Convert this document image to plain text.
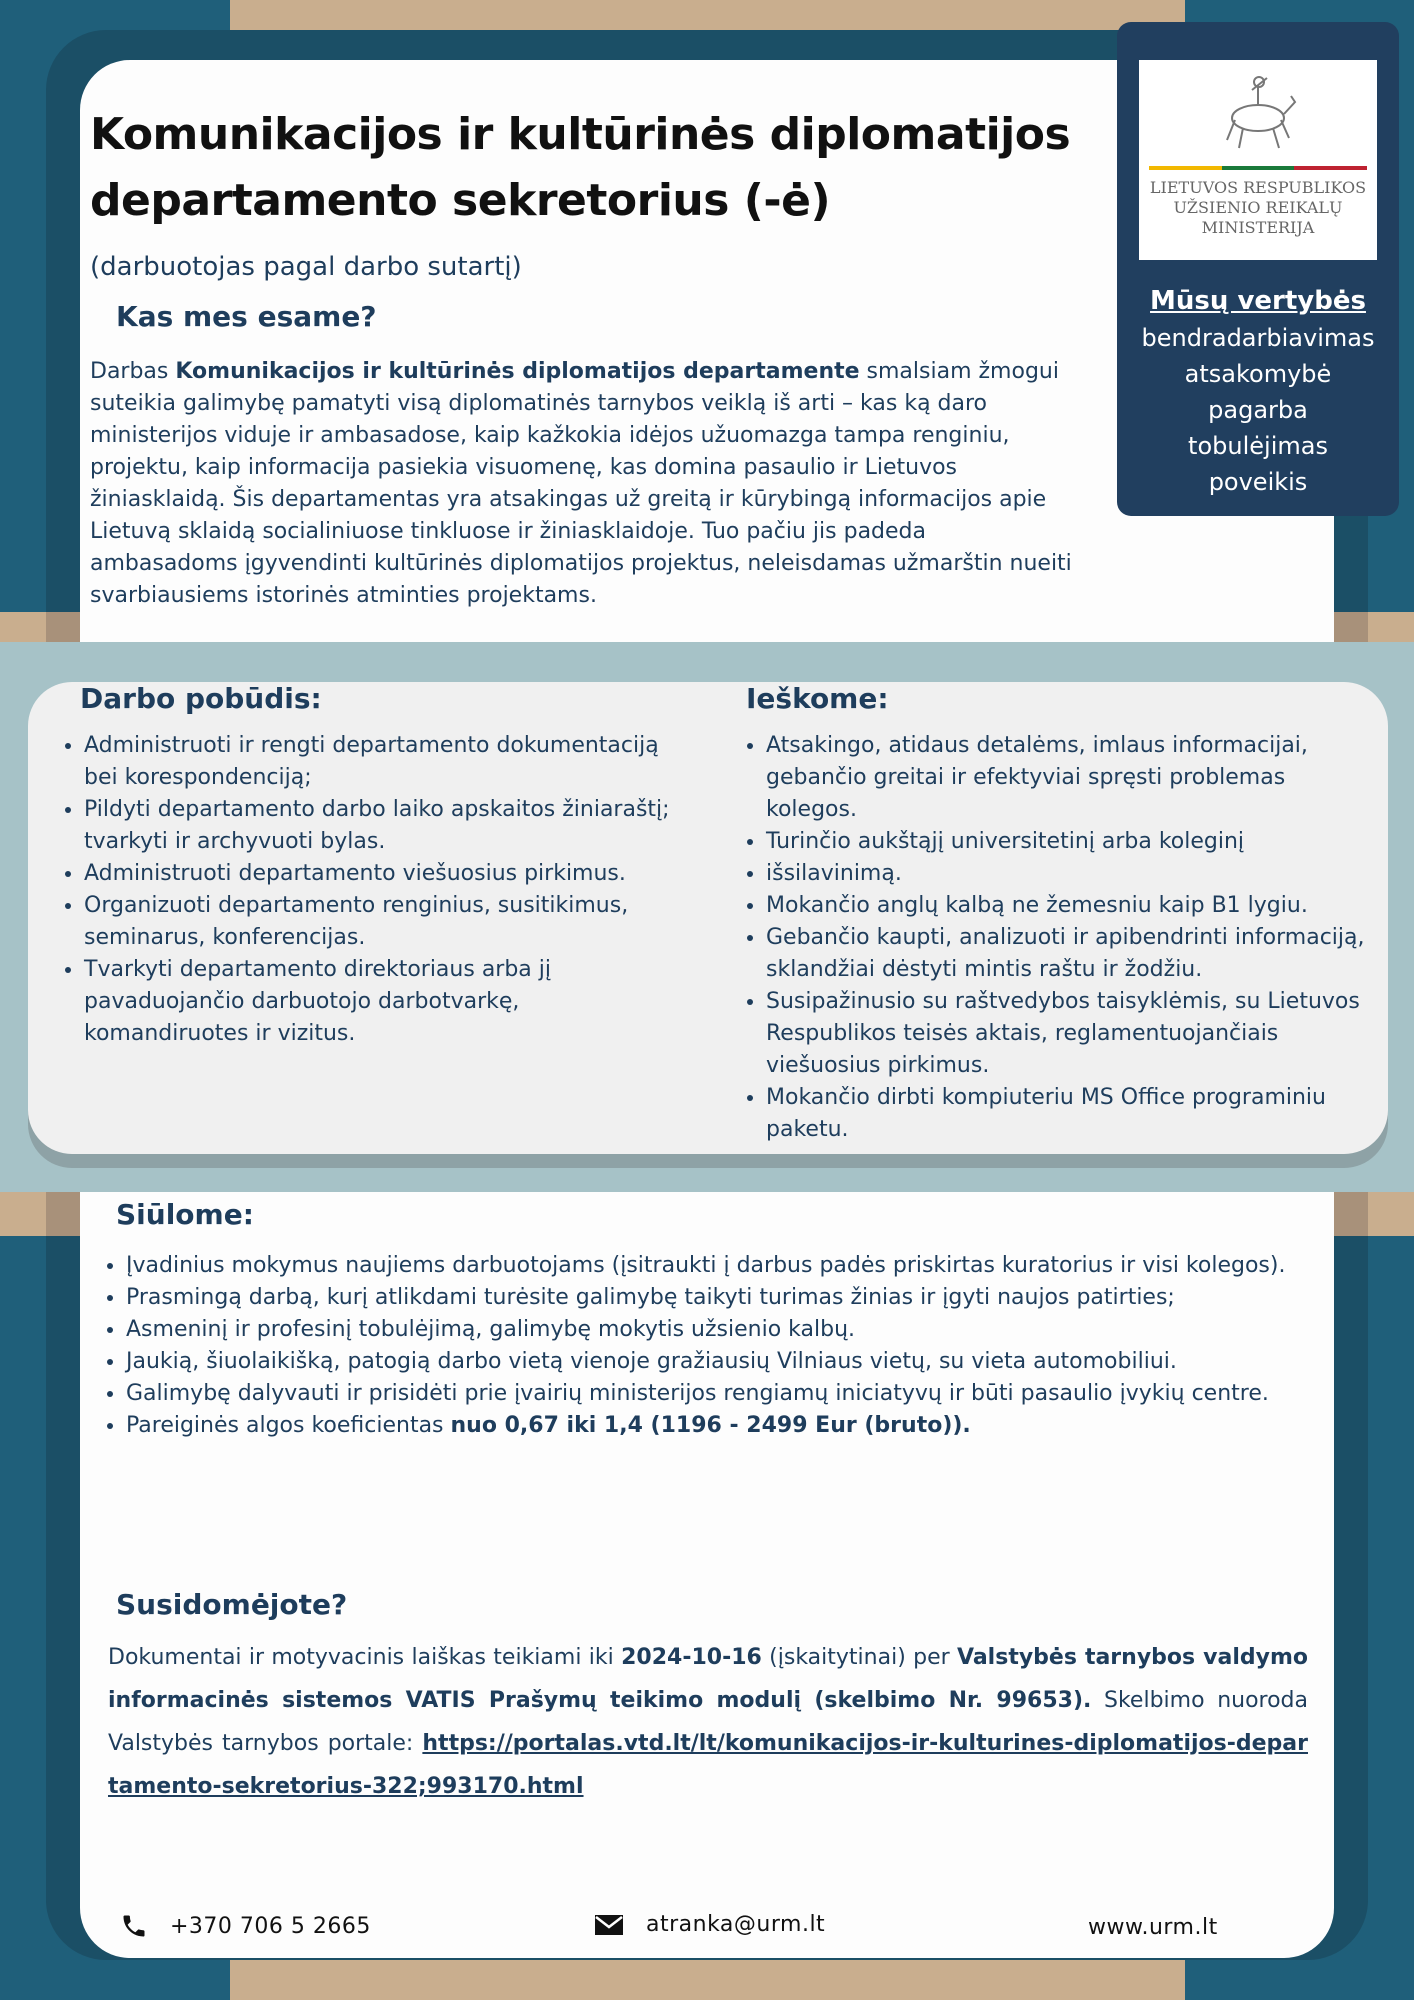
Komunikacijos ir kultūrinės diplomatijos
departamento sekretorius (-ė)
(darbuotojas pagal darbo sutartį)
Kas mes esame?
Darbas Komunikacijos ir kultūrinės diplomatijos departamente smalsiam žmogui suteikia galimybę pamatyti visą diplomatinės tarnybos veiklą iš arti – kas ką daro ministerijos viduje ir ambasadose, kaip kažkokia idėjos užuomazga tampa renginiu, projektu, kaip informacija pasiekia visuomenę, kas domina pasaulio ir Lietuvos žiniasklaidą. Šis departamentas yra atsakingas už greitą ir kūrybingą informacijos apie Lietuvą sklaidą socialiniuose tinkluose ir žiniasklaidoje. Tuo pačiu jis padeda ambasadoms įgyvendinti kultūrinės diplomatijos projektus, neleisdamas užmarštin nueiti svarbiausiems istorinės atminties projektams.
LIETUVOS RESPUBLIKOS
UŽSIENIO REIKALŲ
MINISTERIJA
Mūsų vertybės
bendradarbiavimas
atsakomybė
pagarba
tobulėjimas
poveikis
Darbo pobūdis:
• Administruoti ir rengti departamento dokumentaciją bei korespondenciją;
• Pildyti departamento darbo laiko apskaitos žiniaraštį; tvarkyti ir archyvuoti bylas.
• Administruoti departamento viešuosius pirkimus.
• Organizuoti departamento renginius, susitikimus, seminarus, konferencijas.
• Tvarkyti departamento direktoriaus arba jį pavaduojančio darbuotojo darbotvarkę, komandiruotes ir vizitus.
Ieškome:
• Atsakingo, atidaus detalėms, imlaus informacijai, gebančio greitai ir efektyviai spręsti problemas kolegos.
• Turinčio aukštąjį universitetinį arba koleginį
• išsilavinimą.
• Mokančio anglų kalbą ne žemesniu kaip B1 lygiu.
• Gebančio kaupti, analizuoti ir apibendrinti informaciją, sklandžiai dėstyti mintis raštu ir žodžiu.
• Susipažinusio su raštvedybos taisyklėmis, su Lietuvos Respublikos teisės aktais, reglamentuojančiais viešuosius pirkimus.
• Mokančio dirbti kompiuteriu MS Office programiniu paketu.
Siūlome:
• Įvadinius mokymus naujiems darbuotojams (įsitraukti į darbus padės priskirtas kuratorius ir visi kolegos).
• Prasmingą darbą, kurį atlikdami turėsite galimybę taikyti turimas žinias ir įgyti naujos patirties;
• Asmeninį ir profesinį tobulėjimą, galimybę mokytis užsienio kalbų.
• Jaukią, šiuolaikišką, patogią darbo vietą vienoje gražiausių Vilniaus vietų, su vieta automobiliui.
• Galimybę dalyvauti ir prisidėti prie įvairių ministerijos rengiamų iniciatyvų ir būti pasaulio įvykių centre.
• Pareiginės algos koeficientas nuo 0,67 iki 1,4 (1196 - 2499 Eur (bruto)).
Susidomėjote?
Dokumentai ir motyvacinis laiškas teikiami iki 2024-10-16 (įskaitytinai) per Valstybės tarnybos valdymo informacinės sistemos VATIS Prašymų teikimo modulį (skelbimo Nr. 99653). Skelbimo nuoroda Valstybės tarnybos portale: https://portalas.vtd.lt/lt/komunikacijos-ir-kulturines-diplomatijos-departamento-sekretorius-322;993170.html
+370 706 5 2665	atranka@urm.lt	www.urm.lt
